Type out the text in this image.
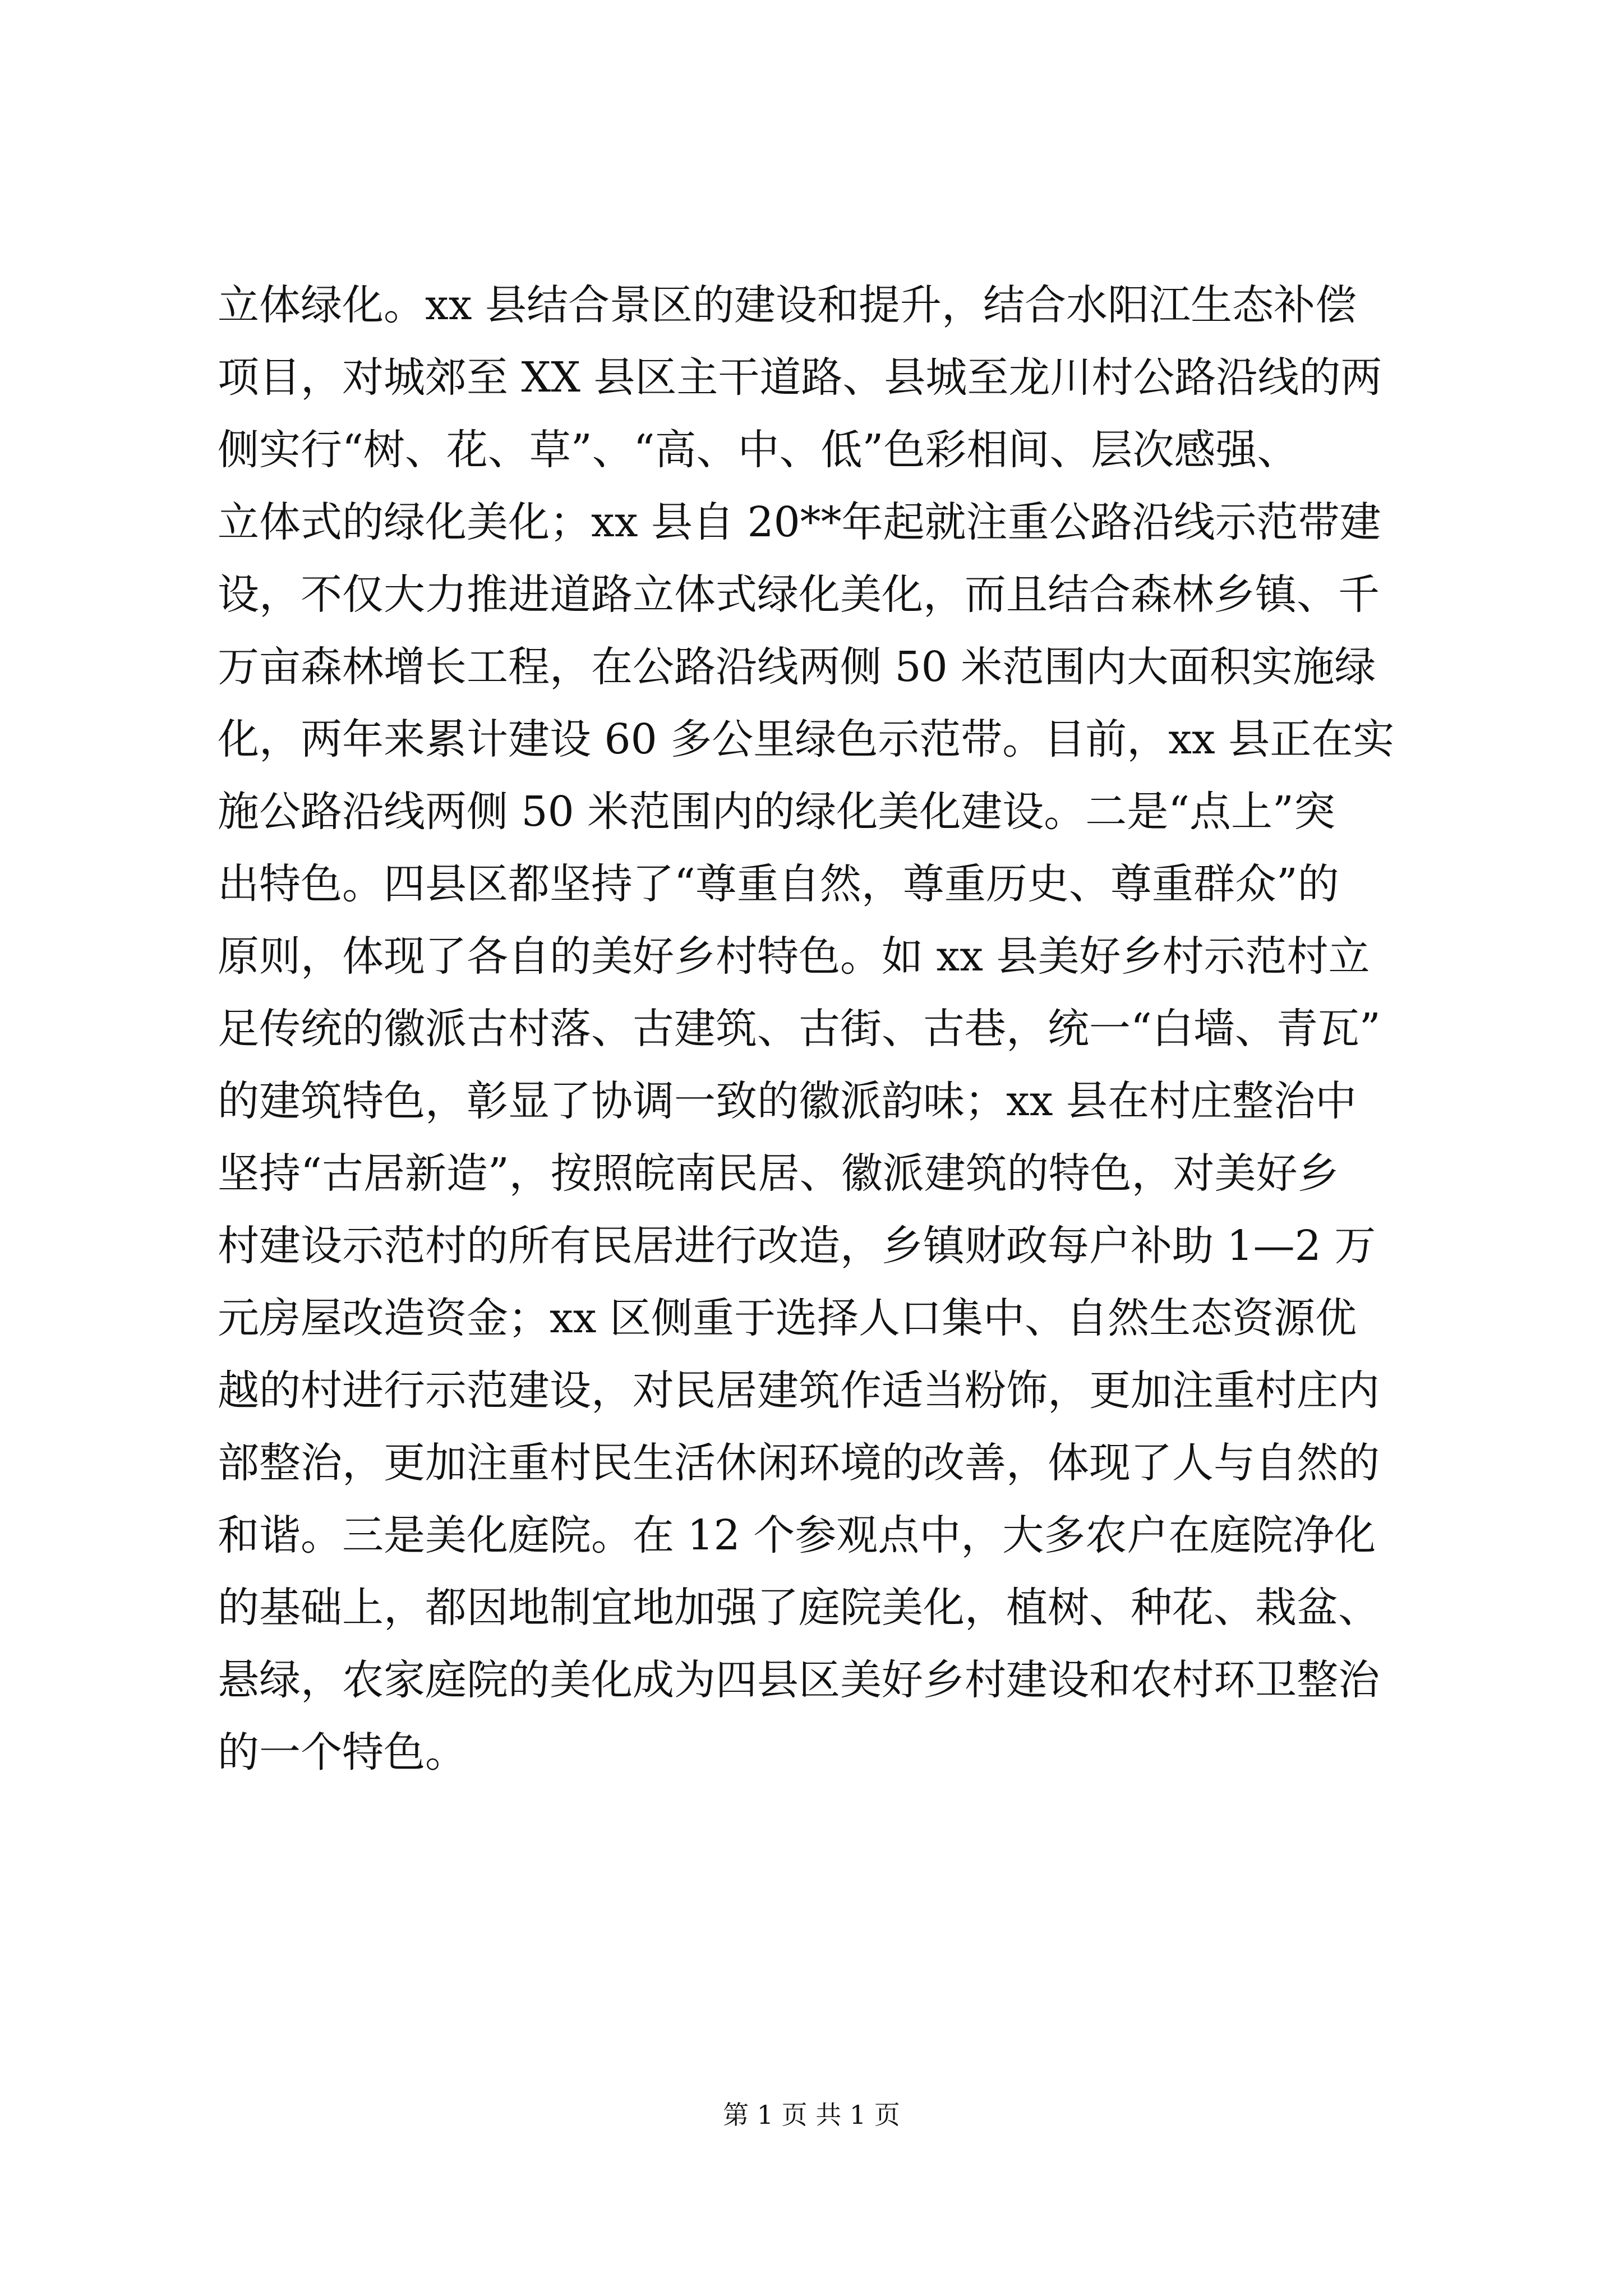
立体绿化。xx 县结合景区的建设和提升，结合水阳江生态补偿
项目，对城郊至 XX 县区主干道路、县城至龙川村公路沿线的两
侧实行“树、花、草”、“高、中、低”色彩相间、层次感强、
立体式的绿化美化；xx 县自 20**年起就注重公路沿线示范带建
设，不仅大力推进道路立体式绿化美化，而且结合森林乡镇、千
万亩森林增长工程，在公路沿线两侧 50 米范围内大面积实施绿
化，两年来累计建设 60 多公里绿色示范带。目前，xx 县正在实
施公路沿线两侧 50 米范围内的绿化美化建设。二是“点上”突
出特色。四县区都坚持了“尊重自然，尊重历史、尊重群众”的
原则，体现了各自的美好乡村特色。如 xx 县美好乡村示范村立
足传统的徽派古村落、古建筑、古街、古巷，统一“白墙、青瓦”
的建筑特色，彰显了协调一致的徽派韵味；xx 县在村庄整治中
坚持“古居新造”，按照皖南民居、徽派建筑的特色，对美好乡
村建设示范村的所有民居进行改造，乡镇财政每户补助 1—2 万
元房屋改造资金；xx 区侧重于选择人口集中、自然生态资源优
越的村进行示范建设，对民居建筑作适当粉饰，更加注重村庄内
部整治，更加注重村民生活休闲环境的改善，体现了人与自然的
和谐。三是美化庭院。在 12 个参观点中，大多农户在庭院净化
的基础上，都因地制宜地加强了庭院美化，植树、种花、栽盆、
悬绿，农家庭院的美化成为四县区美好乡村建设和农村环卫整治
的一个特色。
第 1 页 共 1 页
